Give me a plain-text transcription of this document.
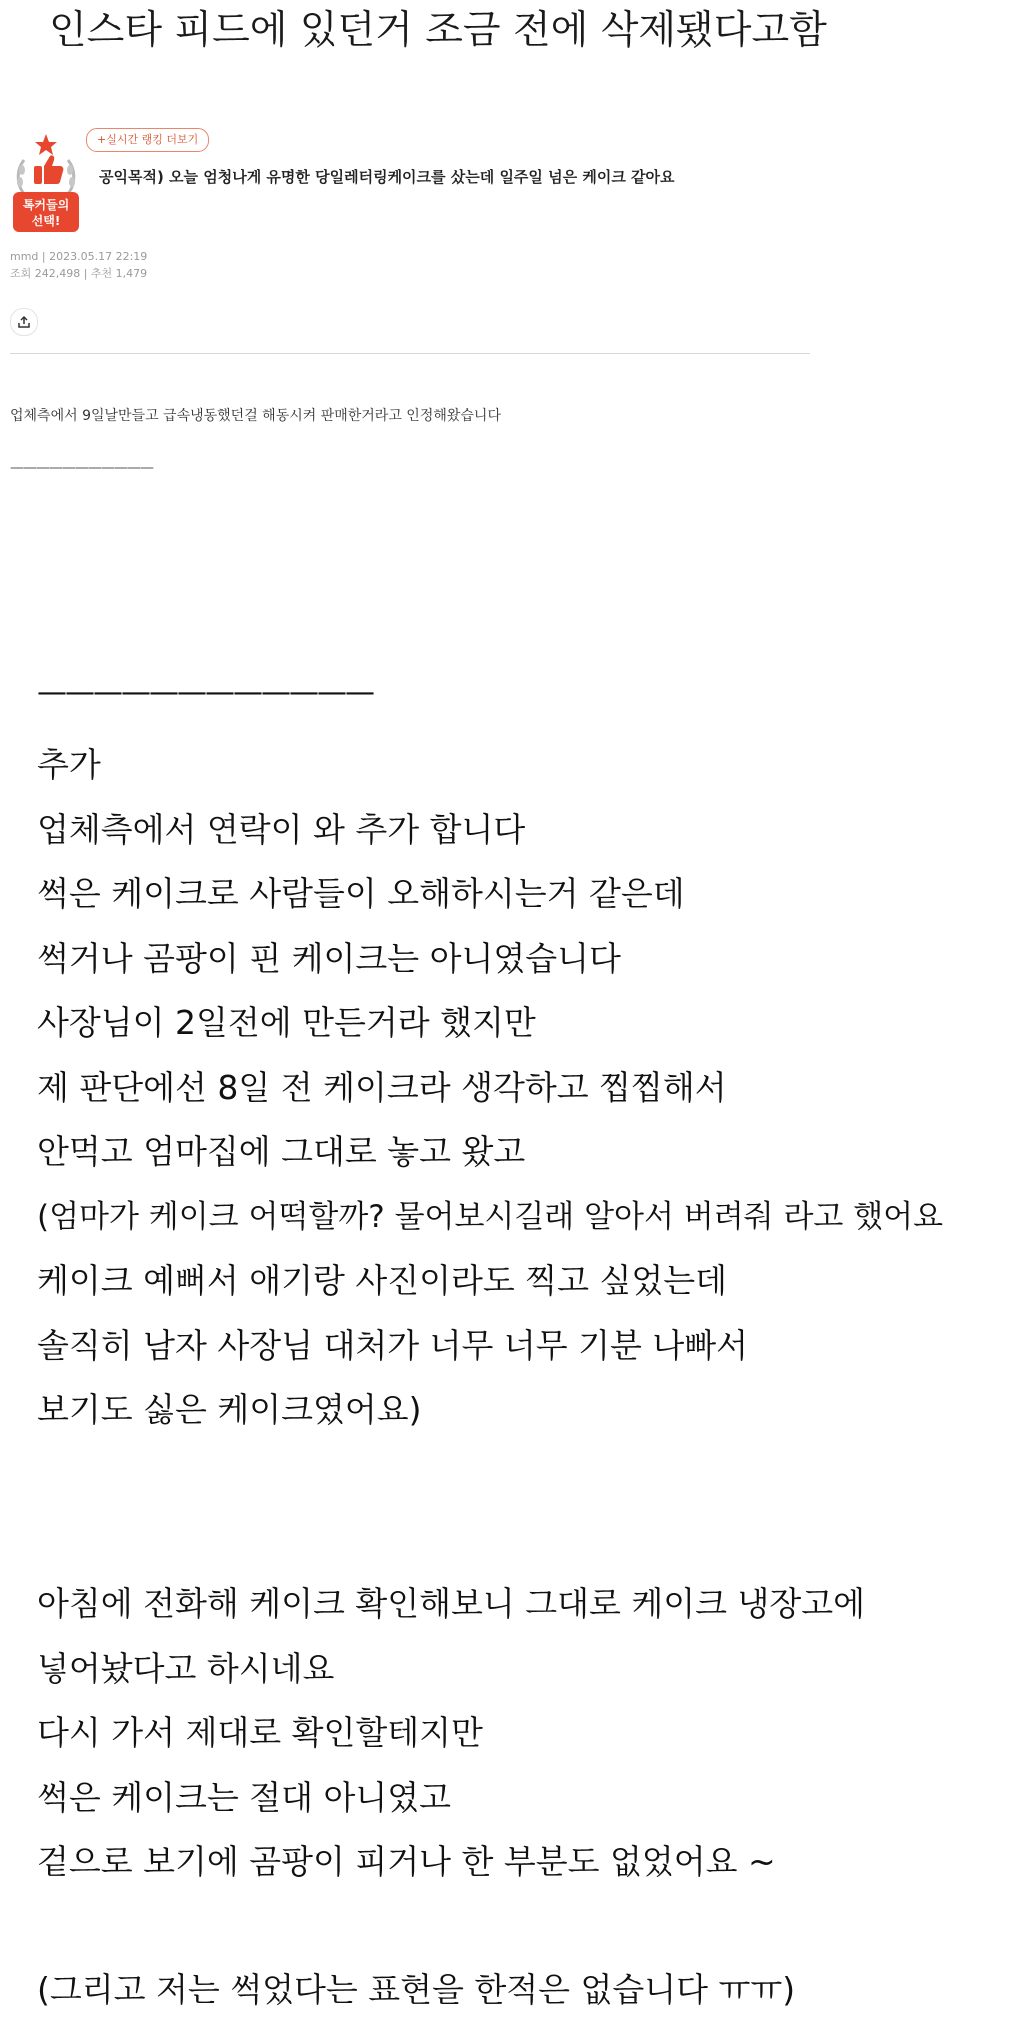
인스타 피드에 있던거 조금 전에 삭제됐다고함
톡커들의
선택!
+실시간 랭킹 더보기
공익목적) 오늘 엄청나게 유명한 당일레터링케이크를 샀는데 일주일 넘은 케이크 같아요
mmd | 2023.05.17 22:19
조회 242,498 | 추천 1,479
업체측에서 9일날만들고 급속냉동했던걸 해동시켜 판매한거라고 인정해왔습니다
———————————
————————————
추가
업체측에서 연락이 와 추가 합니다
썩은 케이크로 사람들이 오해하시는거 같은데
썩거나 곰팡이 핀 케이크는 아니였습니다
사장님이 2일전에 만든거라 했지만
제 판단에선 8일 전 케이크라 생각하고 찝찝해서
안먹고 엄마집에 그대로 놓고 왔고
(엄마가 케이크 어떡할까? 물어보시길래 알아서 버려줘 라고 했어요
케이크 예뻐서 애기랑 사진이라도 찍고 싶었는데
솔직히 남자 사장님 대처가 너무 너무 기분 나빠서
보기도 싫은 케이크였어요)
아침에 전화해 케이크 확인해보니 그대로 케이크 냉장고에
넣어놨다고 하시네요
다시 가서 제대로 확인할테지만
썩은 케이크는 절대 아니였고
겉으로 보기에 곰팡이 피거나 한 부분도 없었어요 ~
(그리고 저는 썩었다는 표현을 한적은 없습니다 ㅠㅠ)
